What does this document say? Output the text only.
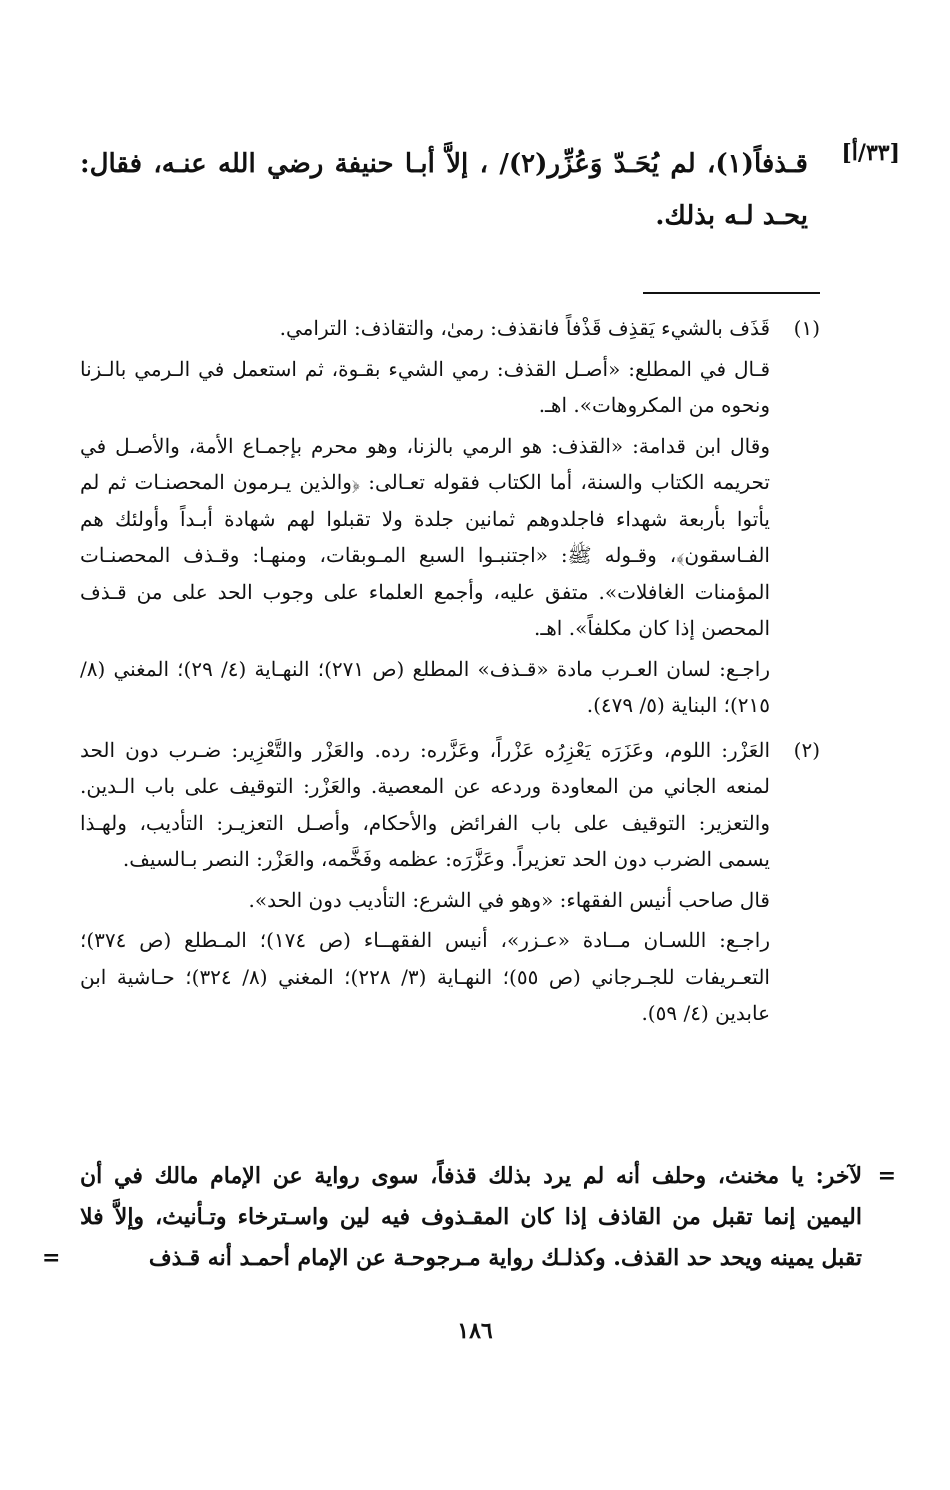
[٣٣/أ]
قـذفاً(١)، لم يُحَـدّ وَعُزِّر(٢)/ ، إلاَّ أبـا حنيفة رضي الله عنـه، فقال: يحـد لـه بذلك.
(١)

قَذَف بالشيء يَقذِف قَذْفاً فانقذف: رمىٰ، والتقاذف: الترامي.

قـال في المطلع: «أصـل القذف: رمي الشيء بقـوة، ثم استعمل في الـرمي بالـزنا ونحوه من المكروهات». اهـ.

وقال ابن قدامة: «القذف: هو الرمي بالزنا، وهو محرم بإجمـاع الأمة، والأصـل في تحريمه الكتاب والسنة، أما الكتاب فقوله تعـالى: ﴿والذين يـرمون المحصنـات ثم لم يأتوا بأربعة شهداء فاجلدوهم ثمانين جلدة ولا تقبلوا لهم شهادة أبـداً وأولئك هم الفـاسقون﴾، وقـوله ﷺ: «اجتنبـوا السبع المـوبقات، ومنهـا: وقـذف المحصنـات المؤمنات الغافلات». متفق عليه، وأجمع العلماء على وجوب الحد على من قـذف المحصن إذا كان مكلفاً». اهـ.

راجـع: لسان العـرب مادة «قـذف» المطلع (ص ٢٧١)؛ النهـاية (٤/ ٢٩)؛ المغني (٨/ ٢١٥)؛ البناية (٥/ ٤٧٩).

(٢)

العَزْر: اللوم، وعَزَرَه يَعْزِرُه عَزْراً، وعَزَّره: رده. والعَزْر والتَّعْزِير: ضـرب دون الحد لمنعه الجاني من المعاودة وردعه عن المعصية. والعَزْر: التوقيف على باب الـدين. والتعزير: التوقيف على باب الفرائض والأحكام، وأصـل التعزيـر: التأديب، ولهـذا يسمى الضرب دون الحد تعزيراً. وعَزَّرَه: عظمه وفَخَّمه، والعَزْر: النصر بـالسيف.

قال صاحب أنيس الفقهاء: «وهو في الشرع: التأديب دون الحد».

راجـع: اللسـان مــادة «عـزر»، أنيس الفقهــاء (ص ١٧٤)؛ المـطلع (ص ٣٧٤)؛ التعـريفات للجـرجاني (ص ٥٥)؛ النهـاية (٣/ ٢٢٨)؛ المغني (٨/ ٣٢٤)؛ حـاشية ابن عابدين (٤/ ٥٩).

=
لآخر: يا مخنث، وحلف أنه لم يرد بذلك قذفاً، سوى رواية عن الإمام مالك في أن اليمين إنما تقبل من القاذف إذا كان المقـذوف فيه لين واسـترخاء وتـأنيث، وإلاَّ فلا تقبل يمينه ويحد حد القذف. وكذلـك رواية مـرجوحـة عن الإمام أحمـد أنه قـذف
=
١٨٦
